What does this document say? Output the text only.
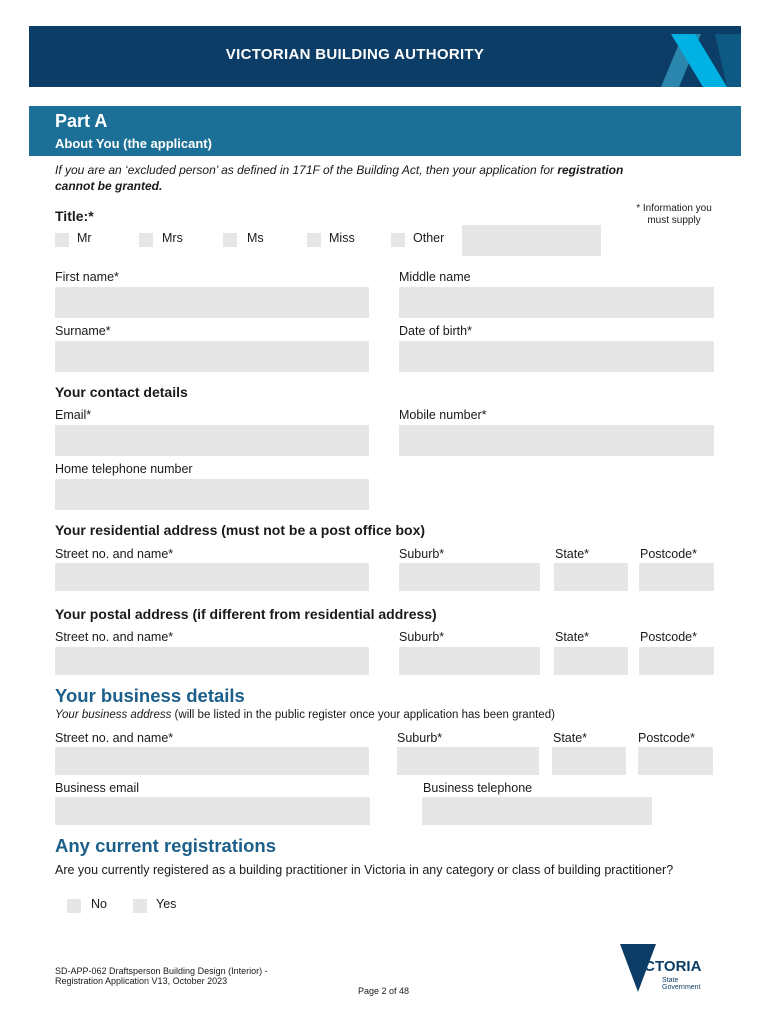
VICTORIAN BUILDING AUTHORITY
Part A
About You (the applicant)
If you are an ‘excluded person’ as defined in 171F of the Building Act, then your application for registration
cannot be granted.
* Information you must supply
Title:*
Mr	Mrs	Ms	Miss	Other
First name*	Middle name
Surname*	Date of birth*
Your contact details
Email*	Mobile number*
Home telephone number
Your residential address (must not be a post office box)
Street no. and name*	Suburb*	State*	Postcode*
Your postal address (if different from residential address)
Street no. and name*	Suburb*	State*	Postcode*
Your business details
Your business address (will be listed in the public register once your application has been granted)
Street no. and name*	Suburb*	State*	Postcode*
Business email	Business telephone
Any current registrations
Are you currently registered as a building practitioner in Victoria in any category or class of building practitioner?
No	Yes
SD-APP-062 Draftsperson Building Design (Interior) - Registration Application V13, October 2023
Page 2 of 48
VICTORIA
State
Government
